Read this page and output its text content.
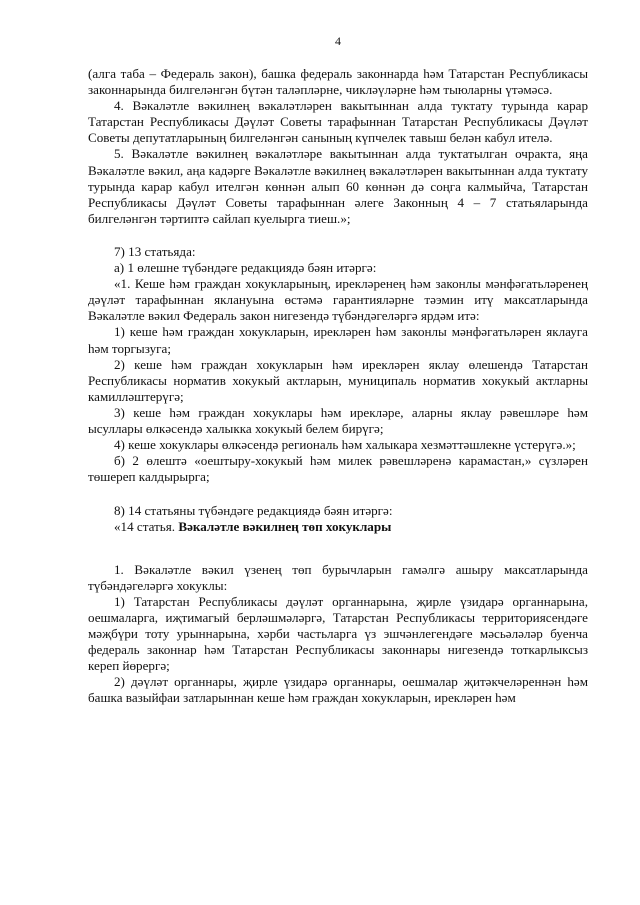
4

(алга таба – Федераль закон), башка федераль законнарда һәм Татарстан Республикасы законнарында билгеләнгән бүтән таләпләрне, чикләүләрне һәм тыюларны үтәмәсә.

4. Вәкаләтле вәкилнең вәкаләтләрен вакытыннан алда туктату турында карар Татарстан Республикасы Дәүләт Советы тарафыннан Татарстан Республикасы Дәүләт Советы депутатларының билгеләнгән санының күпчелек тавыш белән кабул ителә.

5. Вәкаләтле вәкилнең вәкаләтләре вакытыннан алда туктатылган очракта, яңа Вәкаләтле вәкил, аңа кадәрге Вәкаләтле вәкилнең вәкаләтләрен вакытыннан алда туктату турында карар кабул ителгән көннән алып 60 көннән дә соңга калмыйча, Татарстан Республикасы Дәүләт Советы тарафыннан әлеге Законның 4 – 7 статьяларында билгеләнгән тәртиптә сайлап куелырга тиеш.»;

7) 13 статьяда:

а) 1 өлешне түбәндәге редакциядә бәян итәргә:

«1. Кеше һәм граждан хокукларының, ирекләренең һәм законлы мәнфәгатьләренең дәүләт тарафыннан яклануына өстәмә гарантияләрне тәэмин итү максатларында Вәкаләтле вәкил Федераль закон нигезендә түбәндәгеләргә ярдәм итә:

1) кеше һәм граждан хокукларын, ирекләрен һәм законлы мәнфәгатьләрен яклауга һәм торгызуга;

2) кеше һәм граждан хокукларын һәм ирекләрен яклау өлешендә Татарстан Республикасы норматив хокукый актларын, муниципаль норматив хокукый актларны камилләштерүгә;

3) кеше һәм граждан хокуклары һәм ирекләре, аларны яклау рәвешләре һәм ысуллары өлкәсендә халыкка хокукый белем бирүгә;

4) кеше хокуклары өлкәсендә региональ һәм халыкара хезмәттәшлекне үстерүгә.»;

б) 2 өлештә «оештыру-хокукый һәм милек рәвешләренә карамастан,» сүзләрен төшереп калдырырга;

8) 14 статьяны түбәндәге редакциядә бәян итәргә:

«14 статья. Вәкаләтле вәкилнең төп хокуклары

1. Вәкаләтле вәкил үзенең төп бурычларын гамәлгә ашыру максатларында түбәндәгеләргә хокуклы:

1) Татарстан Республикасы дәүләт органнарына, җирле үзидарә органнарына, оешмаларга, иҗтимагый берләшмәләргә, Татарстан Республикасы территориясендәге мәҗбүри тоту урыннарына, хәрби частьларга үз эшчәнлегендәге мәсьәләләр буенча федераль законнар һәм Татарстан Республикасы законнары нигезендә тоткарлыксыз кереп йөрергә;

2) дәүләт органнары, җирле үзидарә органнары, оешмалар җитәкчеләреннән һәм башка вазыйфаи затларыннан кеше һәм граждан хокукларын, ирекләрен һәм
